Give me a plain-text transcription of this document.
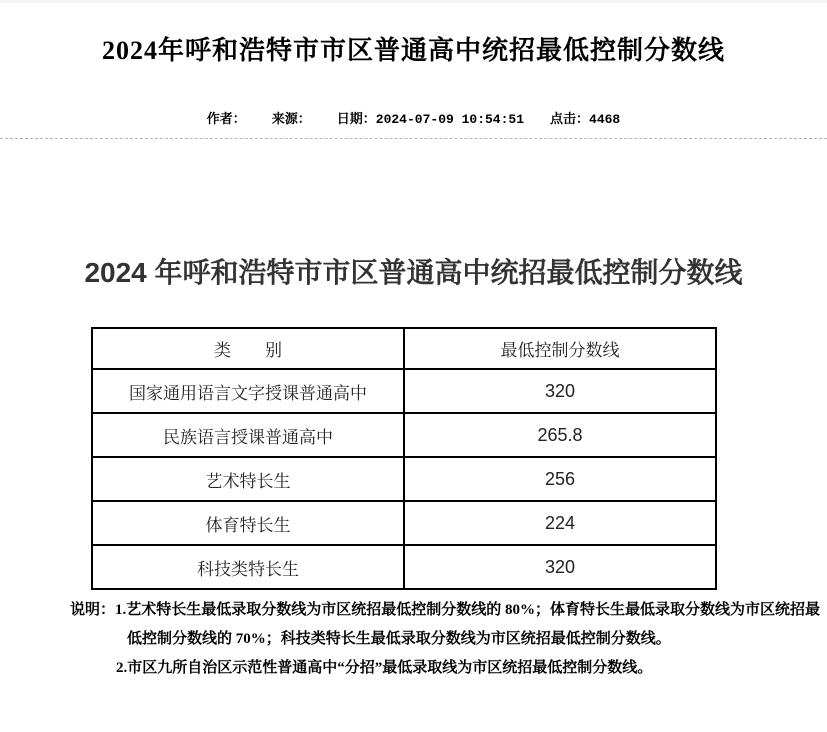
2024年呼和浩特市市区普通高中统招最低控制分数线
作者： 来源： 日期： 2024-07-09 10:54:51 点击： 4468
2024 年呼和浩特市市区普通高中统招最低控制分数线
类　　别	最低控制分数线
国家通用语言文字授课普通高中	320
民族语言授课普通高中	265.8
艺术特长生	256
体育特长生	224
科技类特长生	320
说明：1.艺术特长生最低录取分数线为市区统招最低控制分数线的 80%；体育特长生最低录取分数线为市区统招最
低控制分数线的 70%；科技类特长生最低录取分数线为市区统招最低控制分数线。
2.市区九所自治区示范性普通高中“分招”最低录取线为市区统招最低控制分数线。
